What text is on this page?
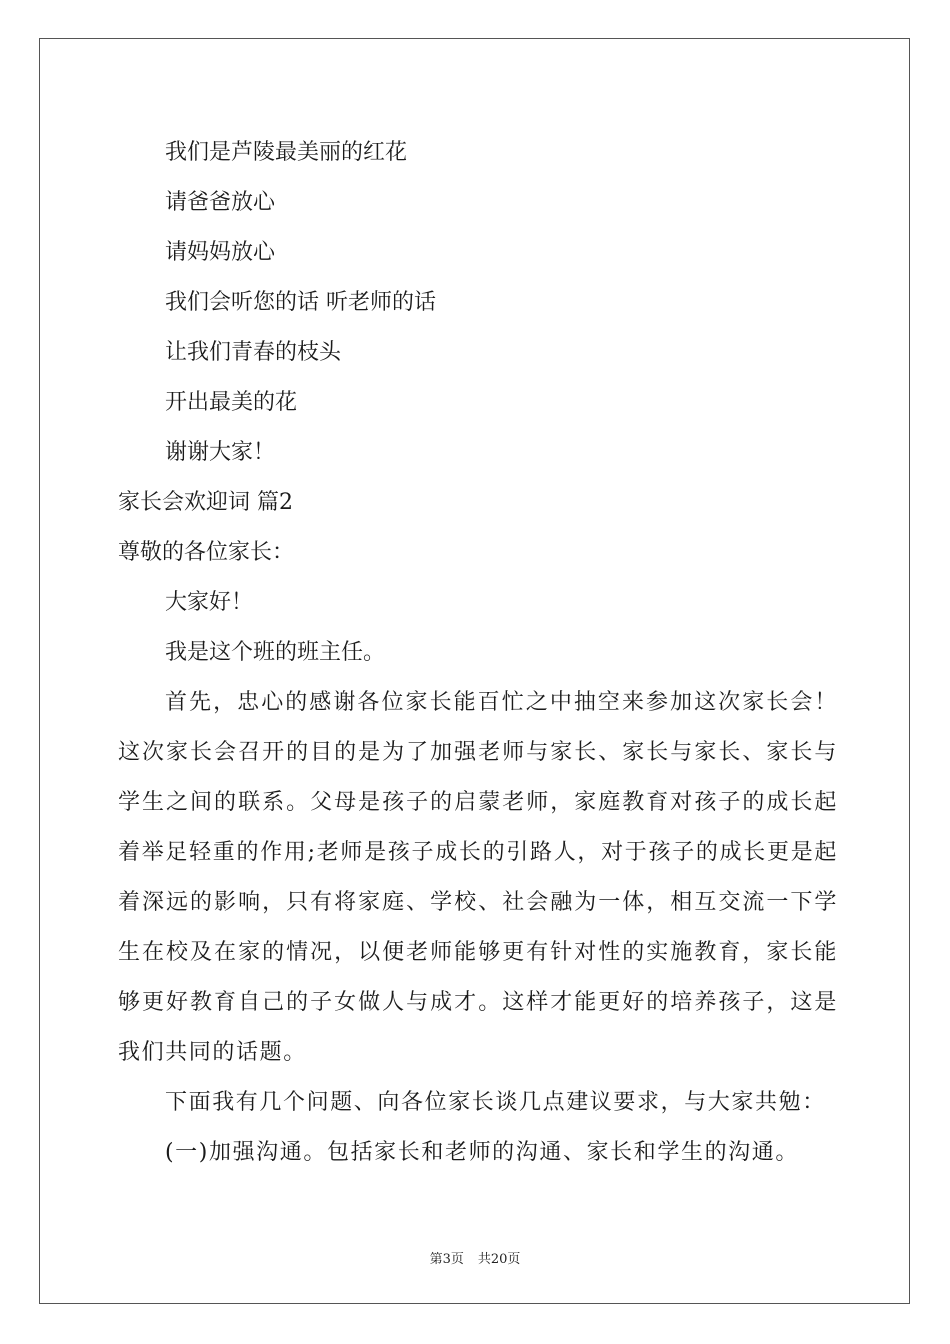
我们是芦陵最美丽的红花
请爸爸放心
请妈妈放心
我们会听您的话 听老师的话
让我们青春的枝头
开出最美的花
谢谢大家！
家长会欢迎词 篇2
尊敬的各位家长：
大家好！
我是这个班的班主任。
首先，忠心的感谢各位家长能百忙之中抽空来参加这次家长会！这次家长会召开的目的是为了加强老师与家长、家长与家长、家长与学生之间的联系。父母是孩子的启蒙老师，家庭教育对孩子的成长起着举足轻重的作用;老师是孩子成长的引路人，对于孩子的成长更是起着深远的影响，只有将家庭、学校、社会融为一体，相互交流一下学生在校及在家的情况，以便老师能够更有针对性的实施教育，家长能够更好教育自己的子女做人与成才。这样才能更好的培养孩子，这是我们共同的话题。
下面我有几个问题、向各位家长谈几点建议要求，与大家共勉：
(一)加强沟通。包括家长和老师的沟通、家长和学生的沟通。
第3页 共20页
